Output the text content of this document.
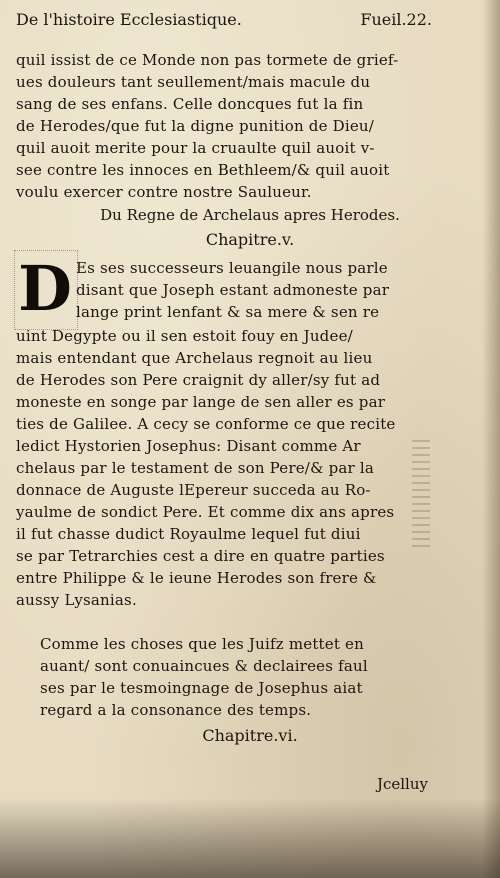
De l'histoire Ecclesiastique.	Fueil.22.
quil issist de ce Monde non pas tormete de grief-
ues douleurs tant seullement/mais macule du
sang de ses enfans. Celle doncques fut la fin
de Herodes/que fut la digne punition de Dieu/
quil auoit merite pour la cruaulte quil auoit v-
see contre les innoces en Bethleem/& quil auoit
voulu exercer contre nostre Saulueur.
Du Regne de Archelaus apres Herodes.
Chapitre.v.
D Es ses successeurs leuangile nous parle
disant que Joseph estant admoneste par
lange print lenfant & sa mere & sen re
uint Degypte ou il sen estoit fouy en Judee/
mais entendant que Archelaus regnoit au lieu
de Herodes son Pere craignit dy aller/sy fut ad
moneste en songe par lange de sen aller es par
ties de Galilee. A cecy se conforme ce que recite
ledict Hystorien Josephus: Disant comme Ar
chelaus par le testament de son Pere/& par la
donnace de Auguste lEpereur succeda au Ro-
yaulme de sondict Pere. Et comme dix ans apres
il fut chasse dudict Royaulme lequel fut diui
se par Tetrarchies cest a dire en quatre parties
entre Philippe & le ieune Herodes son frere &
aussy Lysanias.
Comme les choses que les Juifz mettet en
auant/ sont conuaincues & declairees faul
ses par le tesmoingnage de Josephus aiat
regard a la consonance des temps.
Chapitre.vi.
Jcelluy
